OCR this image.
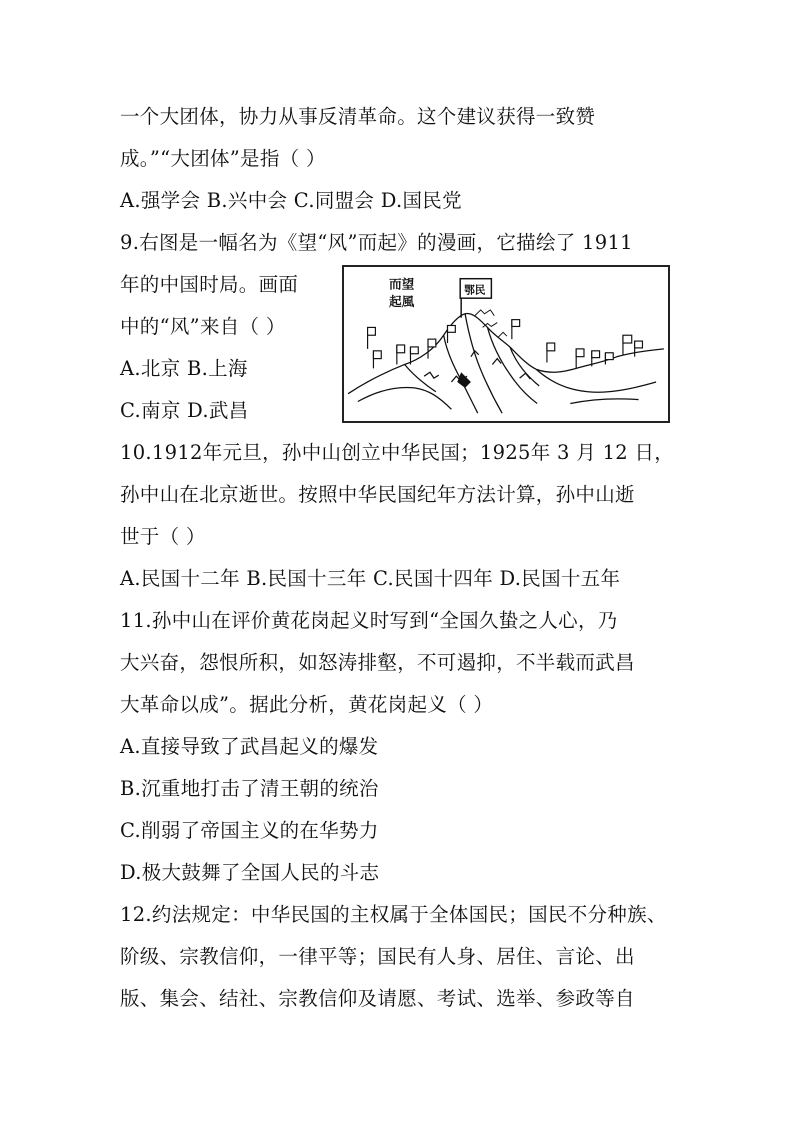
一个大团体，协力从事反清革命。这个建议获得一致赞
成。”“大团体”是指（ ）
A.强学会 B.兴中会 C.同盟会 D.国民党
9.右图是一幅名为《望“风”而起》的漫画，它描绘了 1911
年的中国时局。画面
中的“风”来自（ ）
A.北京 B.上海
C.南京 D.武昌
10.1912年元旦，孙中山创立中华民国；1925年 3 月 12 日，
孙中山在北京逝世。按照中华民国纪年方法计算，孙中山逝
世于（ ）
A.民国十二年 B.民国十三年 C.民国十四年 D.民国十五年
11.孙中山在评价黄花岗起义时写到“全国久蛰之人心，乃
大兴奋，怨恨所积，如怒涛排壑，不可遏抑，不半载而武昌
大革命以成”。据此分析，黄花岗起义（ ）
A.直接导致了武昌起义的爆发
B.沉重地打击了清王朝的统治
C.削弱了帝国主义的在华势力
D.极大鼓舞了全国人民的斗志
12.约法规定：中华民国的主权属于全体国民；国民不分种族、
阶级、宗教信仰，一律平等；国民有人身、居住、言论、出
版、集会、结社、宗教信仰及请愿、考试、选举、参政等自
而望
起風
鄂民
